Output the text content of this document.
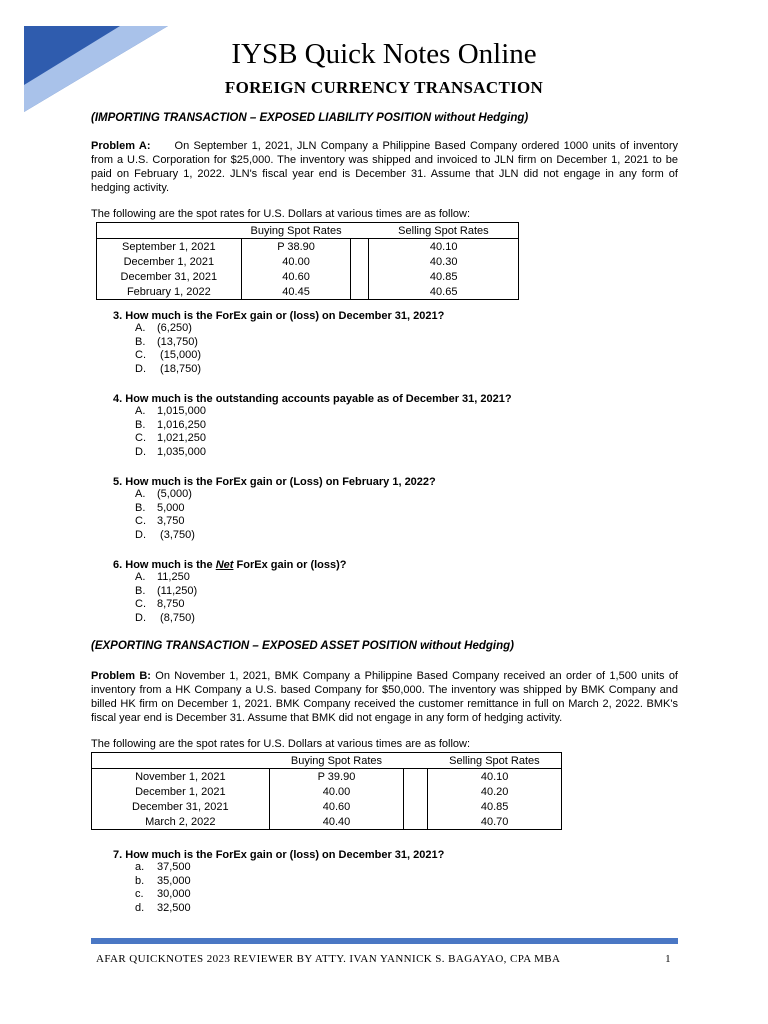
IYSB Quick Notes Online
FOREIGN CURRENCY TRANSACTION
(IMPORTING TRANSACTION – EXPOSED LIABILITY POSITION without Hedging)
Problem A: On September 1, 2021, JLN Company a Philippine Based Company ordered 1000 units of inventory from a U.S. Corporation for $25,000. The inventory was shipped and invoiced to JLN firm on December 1, 2021 to be paid on February 1, 2022. JLN's fiscal year end is December 31. Assume that JLN did not engage in any form of hedging activity.
The following are the spot rates for U.S. Dollars at various times are as follow:
	Buying Spot Rates		Selling Spot Rates
September 1, 2021	P 38.90		40.10
December 1, 2021	40.00		40.30
December 31, 2021	40.60		40.85
February 1, 2022	40.45		40.65
3. How much is the ForEx gain or (loss) on December 31, 2021?
A. (6,250)
B. (13,750)
C. (15,000)
D. (18,750)
4. How much is the outstanding accounts payable as of December 31, 2021?
A. 1,015,000
B. 1,016,250
C. 1,021,250
D. 1,035,000
5. How much is the ForEx gain or (Loss) on February 1, 2022?
A. (5,000)
B. 5,000
C. 3,750
D. (3,750)
6. How much is the Net ForEx gain or (loss)?
A. 11,250
B. (11,250)
C. 8,750
D. (8,750)
(EXPORTING TRANSACTION – EXPOSED ASSET POSITION without Hedging)
Problem B: On November 1, 2021, BMK Company a Philippine Based Company received an order of 1,500 units of inventory from a HK Company a U.S. based Company for $50,000. The inventory was shipped by BMK Company and billed HK firm on December 1, 2021. BMK Company received the customer remittance in full on March 2, 2022. BMK's fiscal year end is December 31. Assume that BMK did not engage in any form of hedging activity.
The following are the spot rates for U.S. Dollars at various times are as follow:
	Buying Spot Rates		Selling Spot Rates
November 1, 2021	P 39.90		40.10
December 1, 2021	40.00		40.20
December 31, 2021	40.60		40.85
March 2, 2022	40.40		40.70
7. How much is the ForEx gain or (loss) on December 31, 2021?
a. 37,500
b. 35,000
c. 30,000
d. 32,500
AFAR QUICKNOTES 2023 REVIEWER BY ATTY. IVAN YANNICK S. BAGAYAO, CPA MBA	1
